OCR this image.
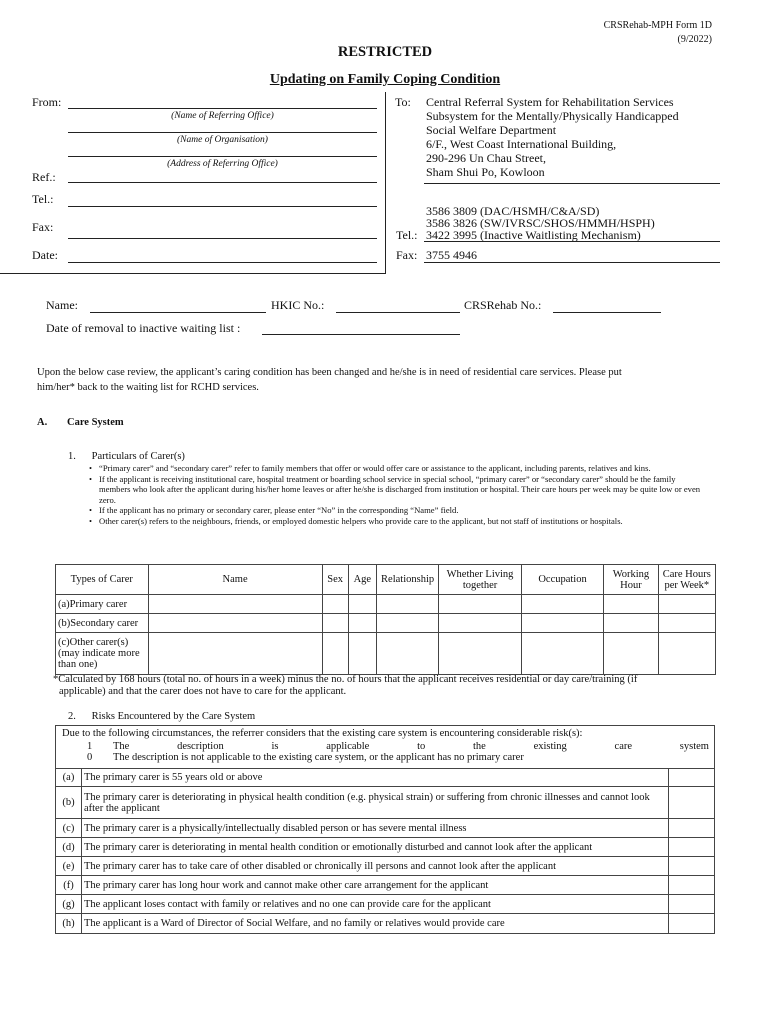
CRSRehab-MPH Form 1D
(9/2022)
RESTRICTED
Updating on Family Coping Condition
From:
(Name of Referring Office)
(Name of Organisation)
(Address of Referring Office)
Ref.:
Tel.:
Fax:
Date:
To: Central Referral System for Rehabilitation Services
Subsystem for the Mentally/Physically Handicapped
Social Welfare Department
6/F., West Coast International Building,
290-296 Un Chau Street,
Sham Shui Po, Kowloon
3586 3809 (DAC/HSMH/C&A/SD)
3586 3826 (SW/IVRSC/SHOS/HMMH/HSPH)
3422 3995 (Inactive Waitlisting Mechanism)
Tel.:
Fax: 3755 4946
Name:	HKIC No.:	CRSRehab No.:
Date of removal to inactive waiting list :
Upon the below case review, the applicant’s caring condition has been changed and he/she is in need of residential care services. Please put
him/her* back to the waiting list for RCHD services.
A. Care System
1.      Particulars of Carer(s)
• “Primary carer” and “secondary carer” refer to family members that offer or would offer care or assistance to the applicant, including parents, relatives and kins.
• If the applicant is receiving institutional care, hospital treatment or boarding school service in special school, “primary carer” or “secondary carer” should be the family members who look after the applicant during his/her home leaves or after he/she is discharged from institution or hospital. Their care hours per week may be quite low or even zero.
• If the applicant has no primary or secondary carer, please enter “No” in the corresponding “Name” field.
• Other carer(s) refers to the neighbours, friends, or employed domestic helpers who provide care to the applicant, but not staff of institutions or hospitals.
Types of Carer	Name	Sex	Age	Relationship	Whether Living together	Occupation	Working Hour	Care Hours per Week*
(a)Primary carer								
(b)Secondary carer								
(c)Other carer(s) (may indicate more than one)								
*Calculated by 168 hours (total no. of hours in a week) minus the no. of hours that the applicant receives residential or day care/training (if
applicable) and that the carer does not have to care for the applicant.
2.      Risks Encountered by the Care System
Due to the following circumstances, the referrer considers that the existing care system is encountering considerable risk(s):
1 The	description	is	applicable	to	the	existing	care	system
0 The description is not applicable to the existing care system, or the applicant has no primary carer
(a)	The primary carer is 55 years old or above	
(b)	The primary carer is deteriorating in physical health condition (e.g. physical strain) or suffering from chronic illnesses and cannot look after the applicant	
(c)	The primary carer is a physically/intellectually disabled person or has severe mental illness	
(d)	The primary carer is deteriorating in mental health condition or emotionally disturbed and cannot look after the applicant	
(e)	The primary carer has to take care of other disabled or chronically ill persons and cannot look after the applicant	
(f)	The primary carer has long hour work and cannot make other care arrangement for the applicant	
(g)	The applicant loses contact with family or relatives and no one can provide care for the applicant	
(h)	The applicant is a Ward of Director of Social Welfare, and no family or relatives would provide care	
